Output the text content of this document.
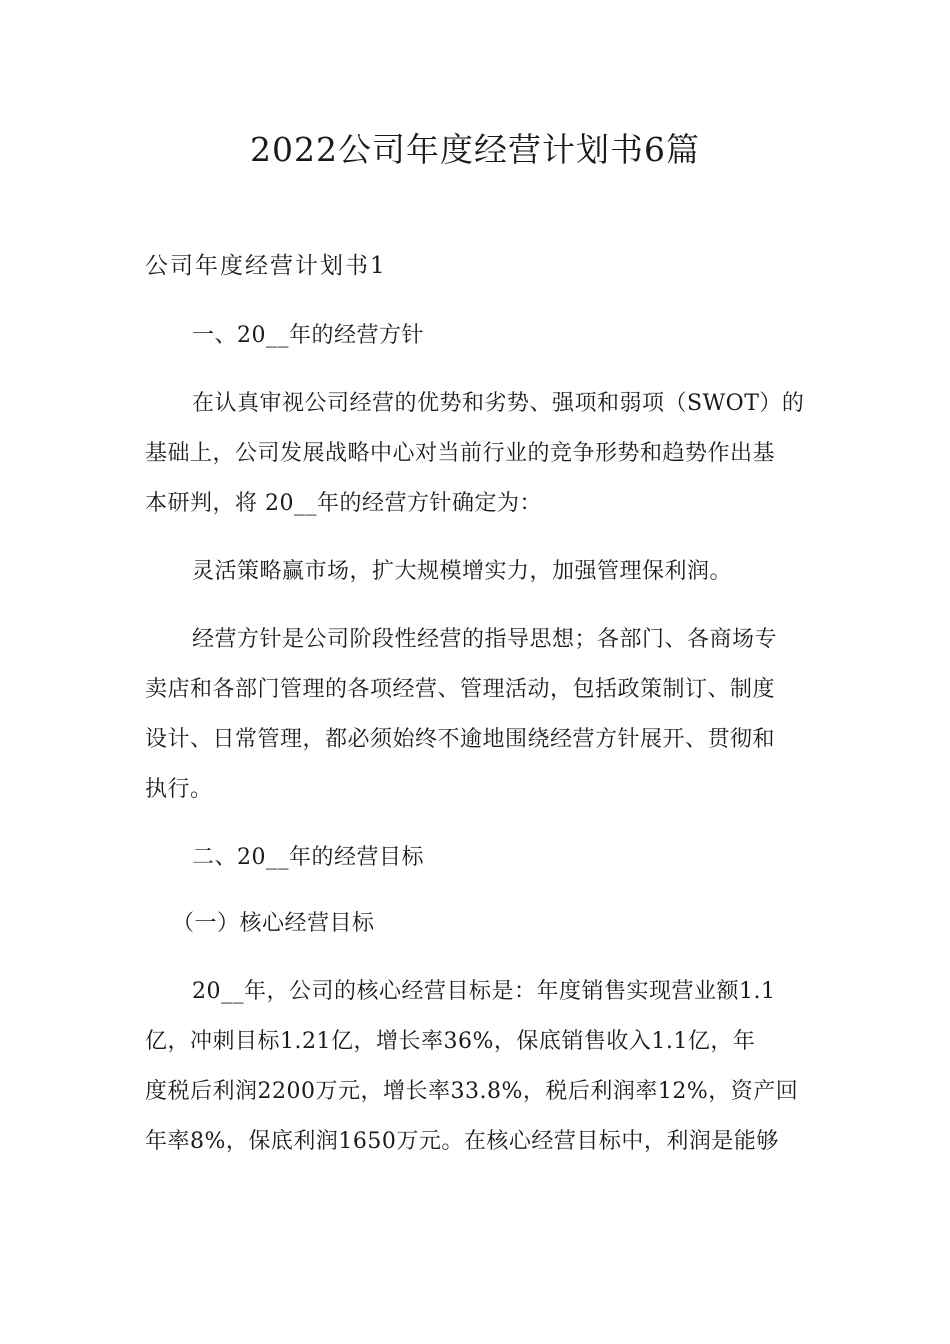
2022公司年度经营计划书6篇
公司年度经营计划书1
一、20__年的经营方针
在认真审视公司经营的优势和劣势、强项和弱项（SWOT）的
基础上，公司发展战略中心对当前行业的竞争形势和趋势作出基
本研判，将 20__年的经营方针确定为：
灵活策略赢市场，扩大规模增实力，加强管理保利润。
经营方针是公司阶段性经营的指导思想；各部门、各商场专
卖店和各部门管理的各项经营、管理活动，包括政策制订、制度
设计、日常管理，都必须始终不逾地围绕经营方针展开、贯彻和
执行。
二、20__年的经营目标
（一）核心经营目标
20__年，公司的核心经营目标是：年度销售实现营业额1.1
亿，冲刺目标1.21亿，增长率36%，保底销售收入1.1亿，年
度税后利润2200万元，增长率33.8%，税后利润率12%，资产回
年率8%，保底利润1650万元。在核心经营目标中，利润是能够
